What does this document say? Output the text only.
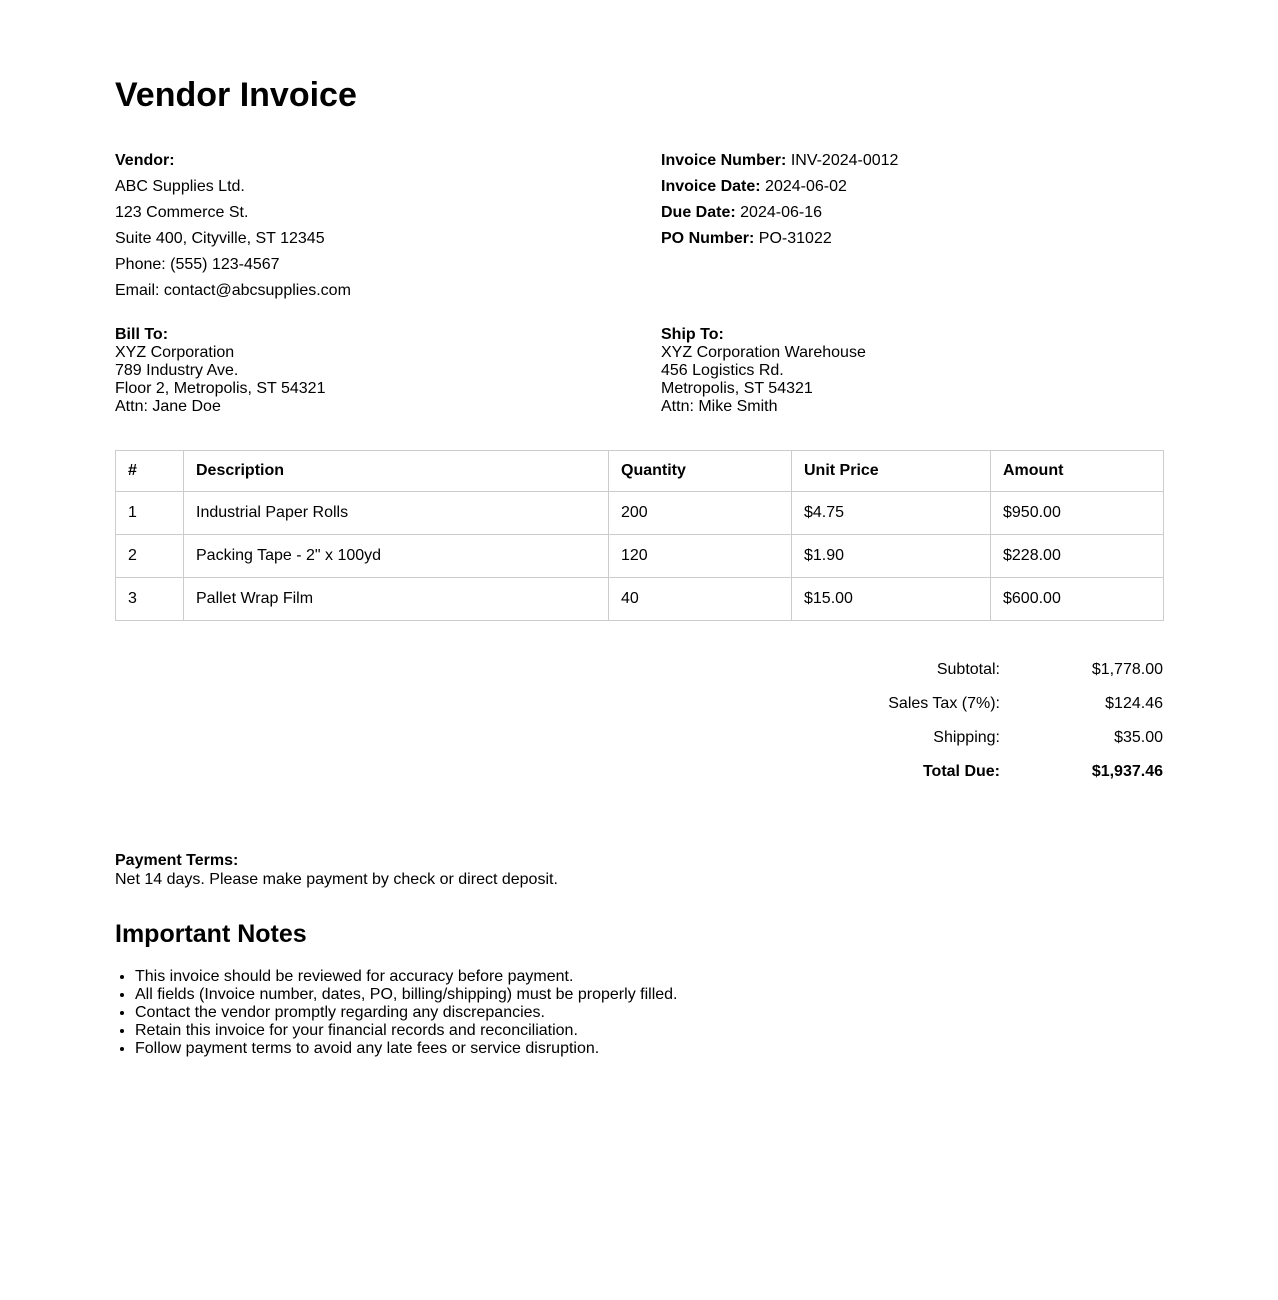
Vendor Invoice
Vendor:
ABC Supplies Ltd.
123 Commerce St.
Suite 400, Cityville, ST 12345
Phone: (555) 123-4567
Email: contact@abcsupplies.com
Invoice Number: INV-2024-0012
Invoice Date: 2024-06-02
Due Date: 2024-06-16
PO Number: PO-31022
Bill To:
XYZ Corporation
789 Industry Ave.
Floor 2, Metropolis, ST 54321
Attn: Jane Doe
Ship To:
XYZ Corporation Warehouse
456 Logistics Rd.
Metropolis, ST 54321
Attn: Mike Smith
#	Description	Quantity	Unit Price	Amount
1	Industrial Paper Rolls	200	$4.75	$950.00
2	Packing Tape - 2" x 100yd	120	$1.90	$228.00
3	Pallet Wrap Film	40	$15.00	$600.00
Subtotal:	$1,778.00
Sales Tax (7%):	$124.46
Shipping:	$35.00
Total Due:	$1,937.46
Payment Terms:
Net 14 days. Please make payment by check or direct deposit.
Important Notes
• This invoice should be reviewed for accuracy before payment.
• All fields (Invoice number, dates, PO, billing/shipping) must be properly filled.
• Contact the vendor promptly regarding any discrepancies.
• Retain this invoice for your financial records and reconciliation.
• Follow payment terms to avoid any late fees or service disruption.
